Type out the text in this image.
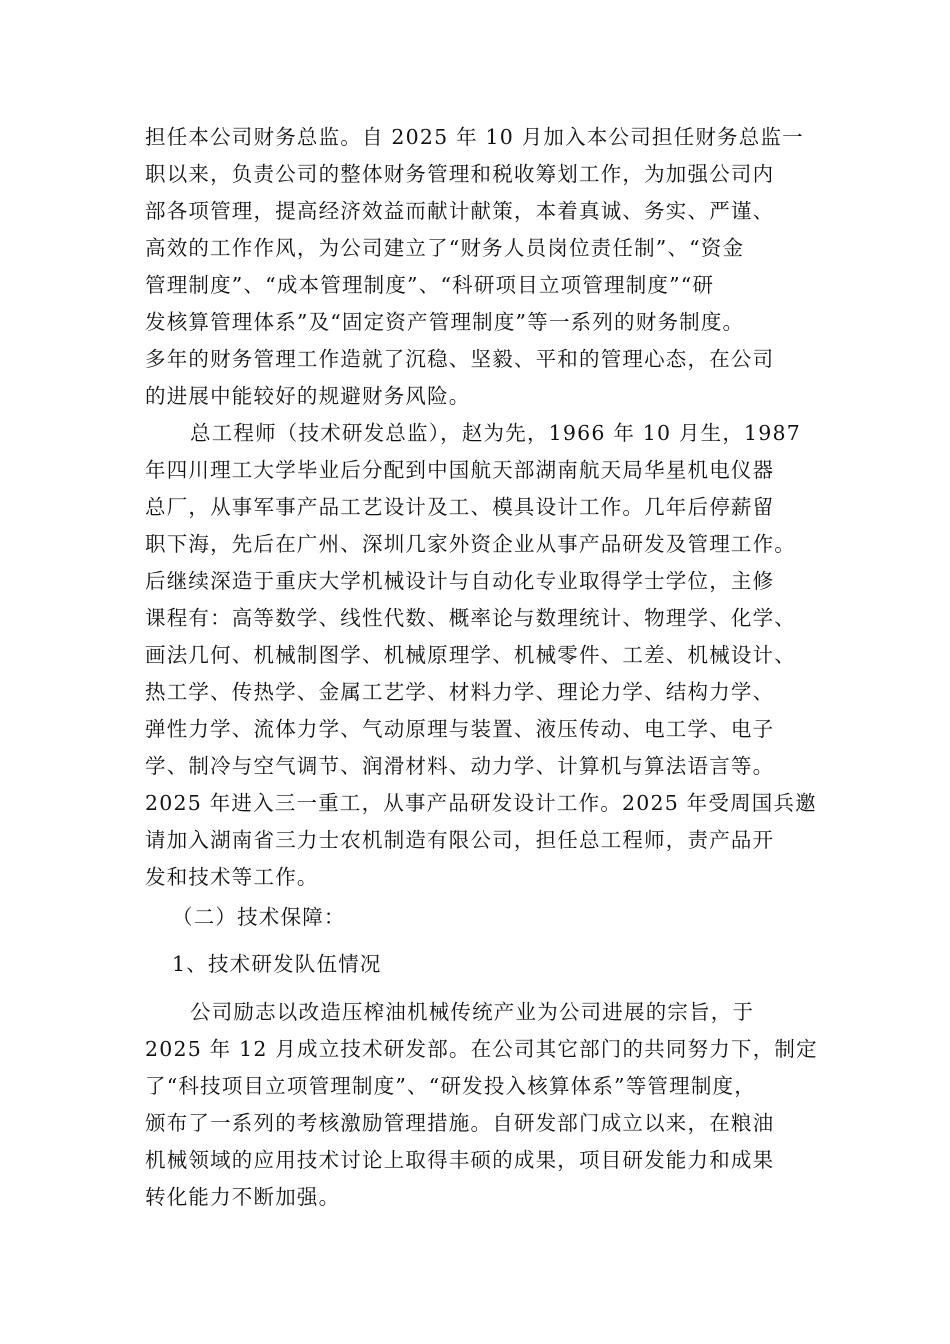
担任本公司财务总监。自 2025 年 10 月加入本公司担任财务总监一
职以来，负责公司的整体财务管理和税收筹划工作，为加强公司内
部各项管理，提高经济效益而献计献策，本着真诚、务实、严谨、
高效的工作作风，为公司建立了“财务人员岗位责任制”、“资金
管理制度”、“成本管理制度”、“科研项目立项管理制度”“研
发核算管理体系”及“固定资产管理制度”等一系列的财务制度。
多年的财务管理工作造就了沉稳、坚毅、平和的管理心态，在公司
的进展中能较好的规避财务风险。
总工程师（技术研发总监），赵为先，1966 年 10 月生，1987
年四川理工大学毕业后分配到中国航天部湖南航天局华星机电仪器
总厂，从事军事产品工艺设计及工、模具设计工作。几年后停薪留
职下海，先后在广州、深圳几家外资企业从事产品研发及管理工作。
后继续深造于重庆大学机械设计与自动化专业取得学士学位，主修
课程有：高等数学、线性代数、概率论与数理统计、物理学、化学、
画法几何、机械制图学、机械原理学、机械零件、工差、机械设计、
热工学、传热学、金属工艺学、材料力学、理论力学、结构力学、
弹性力学、流体力学、气动原理与装置、液压传动、电工学、电子
学、制冷与空气调节、润滑材料、动力学、计算机与算法语言等。
2025 年进入三一重工，从事产品研发设计工作。2025 年受周国兵邀
请加入湖南省三力士农机制造有限公司，担任总工程师，责产品开
发和技术等工作。
（二）技术保障：
1、技术研发队伍情况
公司励志以改造压榨油机械传统产业为公司进展的宗旨，于
2025 年 12 月成立技术研发部。在公司其它部门的共同努力下，制定
了“科技项目立项管理制度”、“研发投入核算体系”等管理制度，
颁布了一系列的考核激励管理措施。自研发部门成立以来，在粮油
机械领域的应用技术讨论上取得丰硕的成果，项目研发能力和成果
转化能力不断加强。
